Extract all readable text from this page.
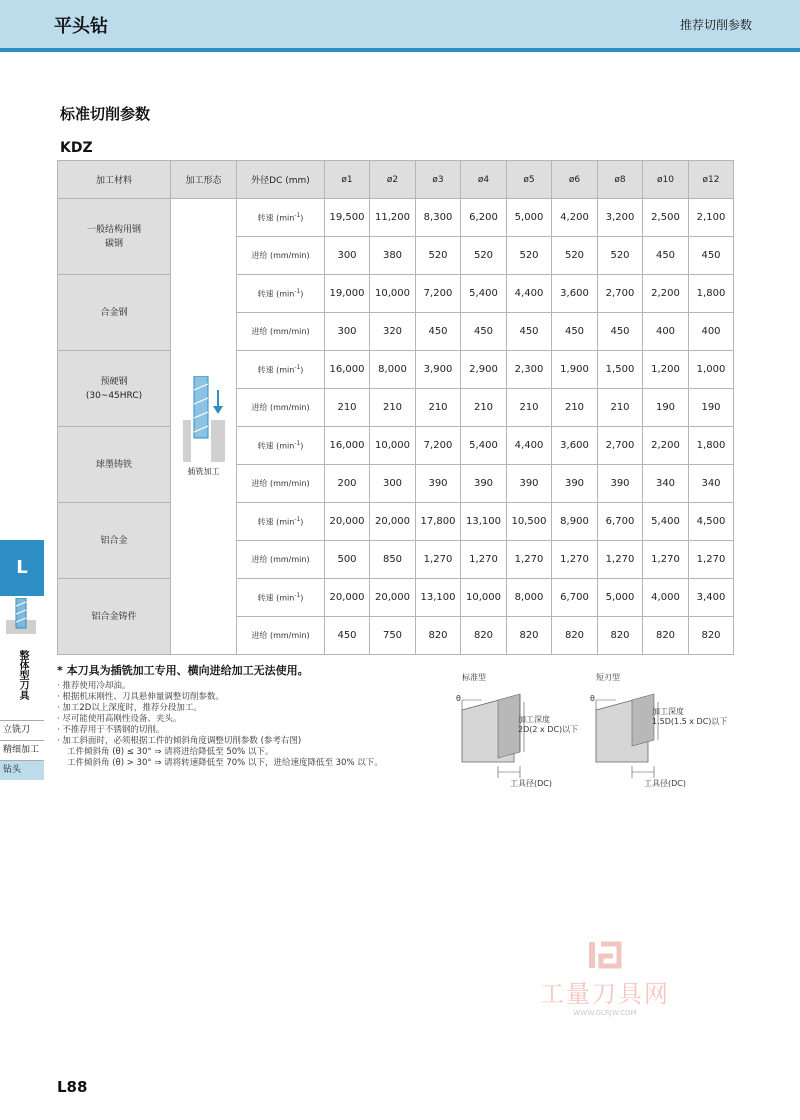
平头钻	推荐切削参数
标准切削参数
KDZ
加工材料	加工形态	外径DC (mm)	ø1	ø2	ø3	ø4	ø5	ø6	ø8	ø10	ø12

一般结构用钢
碳钢	插铣加工	转速 $(\min^{-1})$	19,500	11,200	8,300	6,200	5,000	4,200	3,200	2,500	2,100
		进给 (mm/min)	300	380	520	520	520	520	520	450	450

合金钢		转速 $(\min^{-1})$	19,000	10,000	7,200	5,400	4,400	3,600	2,700	2,200	1,800
		进给 (mm/min)	300	320	450	450	450	450	450	400	400

预硬钢
(30~45HRC)		转速 $(\min^{-1})$	16,000	8,000	3,900	2,900	2,300	1,900	1,500	1,200	1,000
		进给 (mm/min)	210	210	210	210	210	210	210	190	190

球墨铸铁		转速 $(\min^{-1})$	16,000	10,000	7,200	5,400	4,400	3,600	2,700	2,200	1,800
		进给 (mm/min)	200	300	390	390	390	390	390	340	340

铝合金		转速 $(\min^{-1})$	20,000	20,000	17,800	13,100	10,500	8,900	6,700	5,400	4,500
		进给 (mm/min)	500	850	1,270	1,270	1,270	1,270	1,270	1,270	1,270

铝合金铸件		转速 $(\min^{-1})$	20,000	20,000	13,100	10,000	8,000	6,700	5,000	4,000	3,400
		进给 (mm/min)	450	750	820	820	820	820	820	820	820
* 本刀具为插铣加工专用、横向进给加工无法使用。
· 推荐使用冷却油。
· 根据机床刚性、刀具悬伸量调整切削参数。
· 加工2D以上深度时，推荐分段加工。
· 尽可能使用高刚性设备、夹头。
· 不推荐用于不锈钢的切削。
· 加工斜面时，必须根据工件的倾斜角度调整切削参数 (参考右图)
工件倾斜角 (θ) ≤ 30° ⇒ 请将进给降低至 50% 以下。
工件倾斜角 (θ) > 30° ⇒ 请将转速降低至 70% 以下，进给速度降低至 30% 以下。
标准型
θ
加工深度
2D(2 x DC)以下
工具径(DC)
短刃型
θ
加工深度
1.5D(1.5 x DC)以下
工具径(DC)
L
整体型刀具
立铣刀
精细加工
钻头
工量刀具网
WWW.GLRJW.COM
L88
